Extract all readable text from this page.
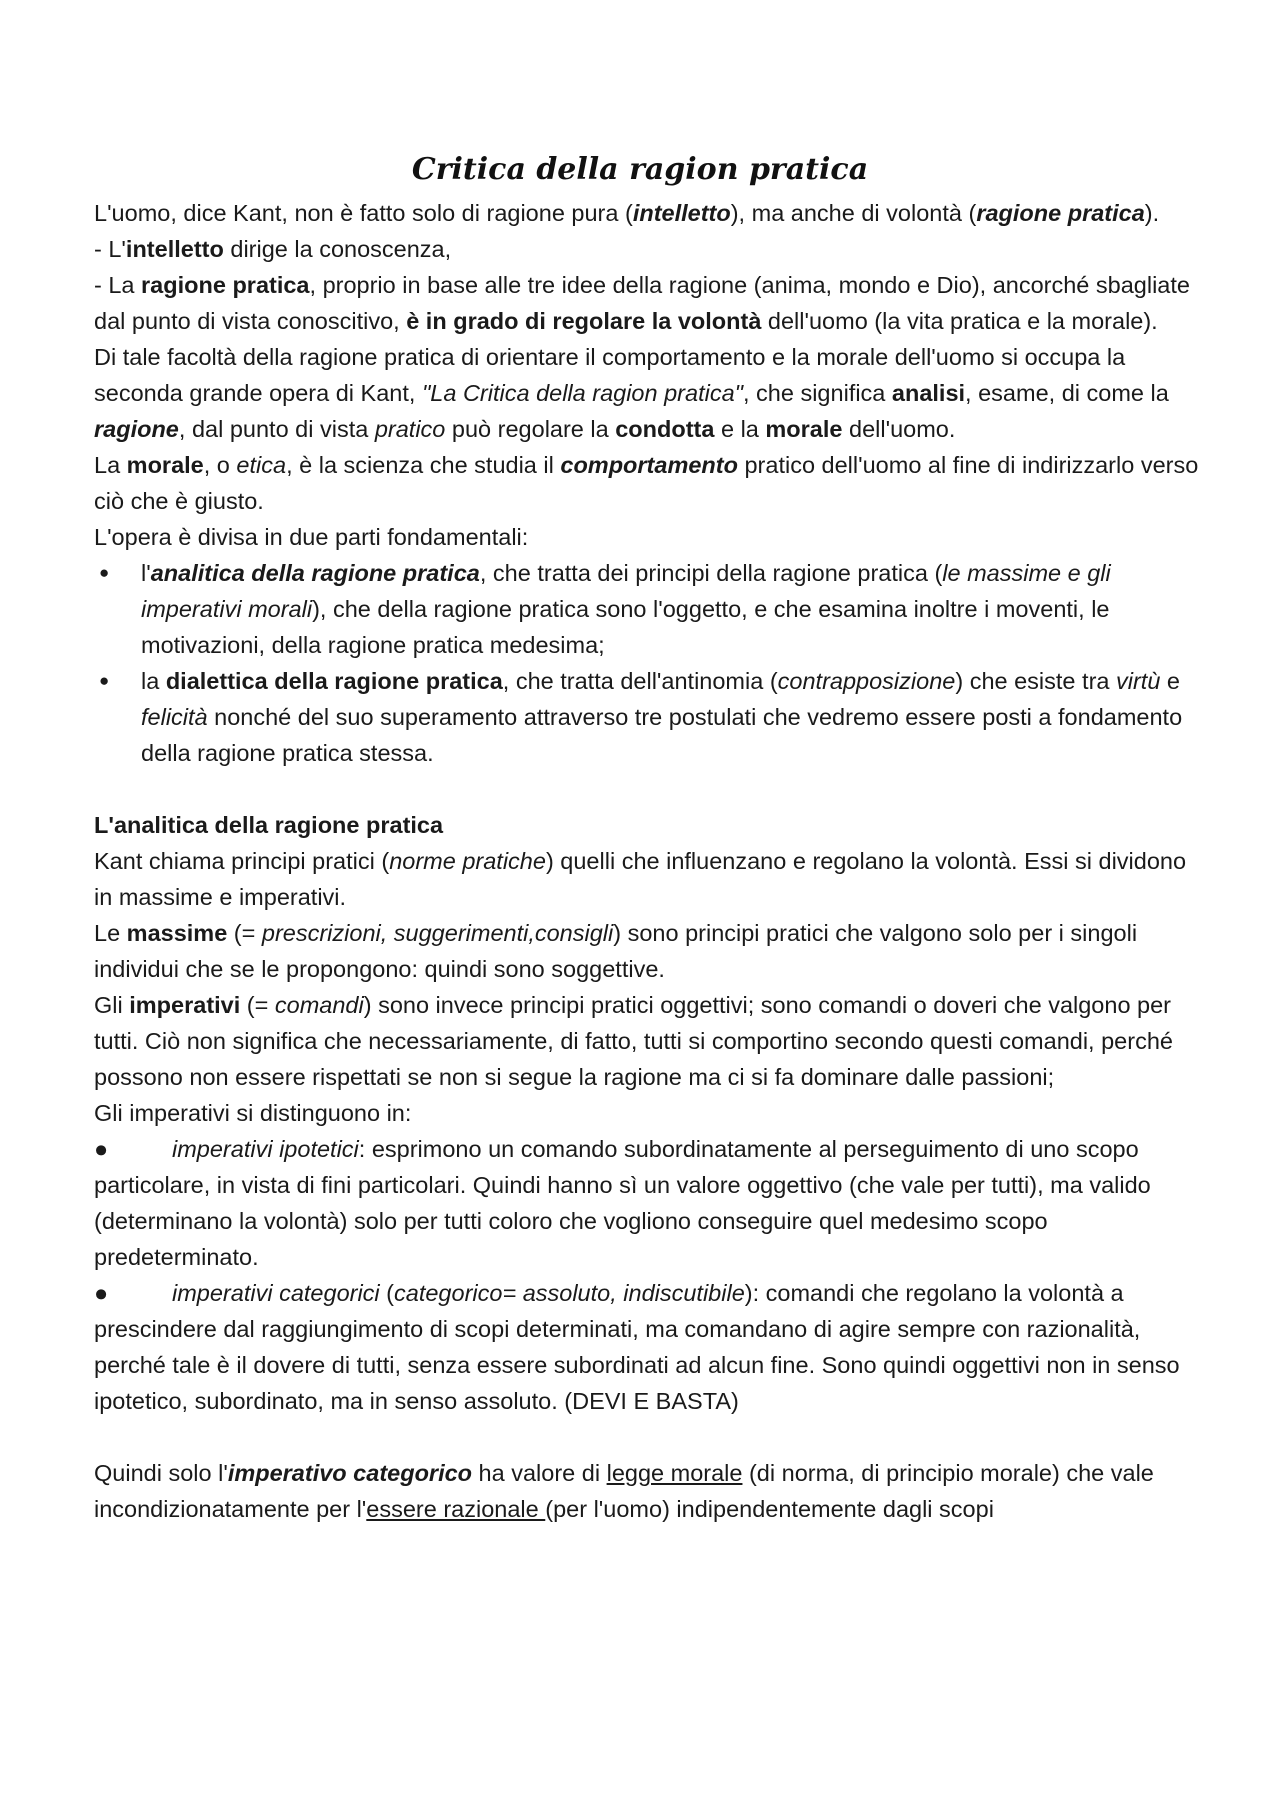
Critica della ragion pratica

L'uomo, dice Kant, non è fatto solo di ragione pura (intelletto), ma anche di volontà (ragione pratica).

- L'intelletto dirige la conoscenza,

- La ragione pratica, proprio in base alle tre idee della ragione (anima, mondo e Dio), ancorché sbagliate dal punto di vista conoscitivo, è in grado di regolare la volontà dell'uomo (la vita pratica e la morale).

Di tale facoltà della ragione pratica di orientare il comportamento e la morale dell'uomo si occupa la seconda grande opera di Kant, "La Critica della ragion pratica", che significa analisi, esame, di come la ragione, dal punto di vista pratico può regolare la condotta e la morale dell'uomo.

La morale, o etica, è la scienza che studia il comportamento pratico dell'uomo al fine di indirizzarlo verso ciò che è giusto.

L'opera è divisa in due parti fondamentali:

● l'analitica della ragione pratica, che tratta dei principi della ragione pratica (le massime e gli imperativi morali), che della ragione pratica sono l'oggetto, e che esamina inoltre i moventi, le motivazioni, della ragione pratica medesima;

● la dialettica della ragione pratica, che tratta dell'antinomia (contrapposizione) che esiste tra virtù e felicità nonché del suo superamento attraverso tre postulati che vedremo essere posti a fondamento della ragione pratica stessa.

L'analitica della ragione pratica

Kant chiama principi pratici (norme pratiche) quelli che influenzano e regolano la volontà. Essi si dividono in massime e imperativi.

Le massime (= prescrizioni, suggerimenti,consigli) sono principi pratici che valgono solo per i singoli individui che se le propongono: quindi sono soggettive.

Gli imperativi (= comandi) sono invece principi pratici oggettivi; sono comandi o doveri che valgono per tutti. Ciò non significa che necessariamente, di fatto, tutti si comportino secondo questi comandi, perché possono non essere rispettati se non si segue la ragione ma ci si fa dominare dalle passioni;

Gli imperativi si distinguono in:

●	imperativi ipotetici: esprimono un comando subordinatamente al perseguimento di uno scopo particolare, in vista di fini particolari. Quindi hanno sì un valore oggettivo (che vale per tutti), ma valido (determinano la volontà) solo per tutti coloro che vogliono conseguire quel medesimo scopo predeterminato.

●	imperativi categorici (categorico= assoluto, indiscutibile): comandi che regolano la volontà a prescindere dal raggiungimento di scopi determinati, ma comandano di agire sempre con razionalità, perché tale è il dovere di tutti, senza essere subordinati ad alcun fine. Sono quindi oggettivi non in senso ipotetico, subordinato, ma in senso assoluto. (DEVI E BASTA)

Quindi solo l'imperativo categorico ha valore di legge morale (di norma, di principio morale) che vale incondizionatamente per l'essere razionale (per l'uomo) indipendentemente dagli scopi
